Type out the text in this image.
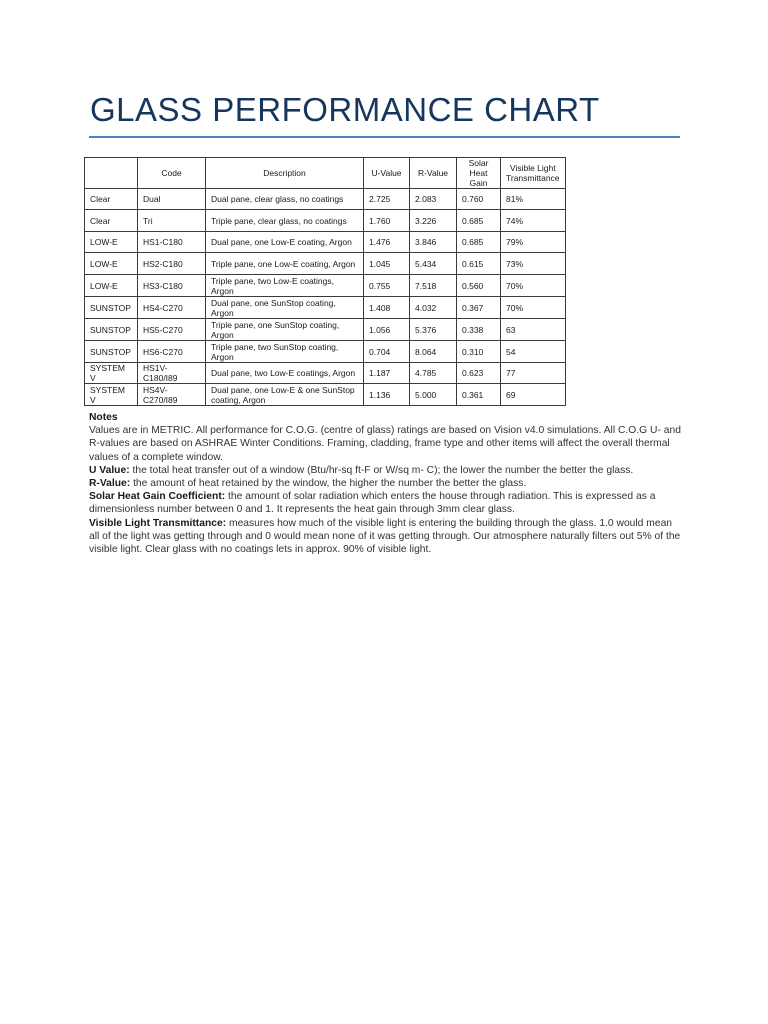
GLASS PERFORMANCE CHART
	Code	Description	U-Value	R-Value	Solar Heat Gain	Visible Light Transmittance
Clear	Dual	Dual pane, clear glass, no coatings	2.725	2.083	0.760	81%
Clear	Tri	Triple pane, clear glass, no coatings	1.760	3.226	0.685	74%
LOW-E	HS1-C180	Dual pane, one Low-E coating, Argon	1.476	3.846	0.685	79%
LOW-E	HS2-C180	Triple pane, one Low-E coating, Argon	1.045	5.434	0.615	73%
LOW-E	HS3-C180	Triple pane, two Low-E coatings, Argon	0.755	7.518	0.560	70%
SUNSTOP	HS4-C270	Dual pane, one SunStop coating, Argon	1.408	4.032	0.367	70%
SUNSTOP	HS5-C270	Triple pane, one SunStop coating, Argon	1.056	5.376	0.338	63
SUNSTOP	HS6-C270	Triple pane, two SunStop coating, Argon	0.704	8.064	0.310	54
SYSTEM V	HS1V-C180/I89	Dual pane, two Low-E coatings, Argon	1.187	4.785	0.623	77
SYSTEM V	HS4V-C270/I89	Dual pane, one Low-E & one SunStop coating, Argon	1.136	5.000	0.361	69

Notes

Values are in METRIC. All performance for C.O.G. (centre of glass) ratings are based on Vision v4.0 simulations. All C.O.G U- and R-values are based on ASHRAE Winter Conditions. Framing, cladding, frame type and other items will affect the overall thermal values of a complete window.

U Value: the total heat transfer out of a window (Btu/hr-sq ft-F or W/sq m- C); the lower the number the better the glass.

R-Value: the amount of heat retained by the window, the higher the number the better the glass.

Solar Heat Gain Coefficient: the amount of solar radiation which enters the house through radiation. This is expressed as a dimensionless number between 0 and 1. It represents the heat gain through 3mm clear glass.

Visible Light Transmittance: measures how much of the visible light is entering the building through the glass. 1.0 would mean all of the light was getting through and 0 would mean none of it was getting through. Our atmosphere naturally filters out 5% of the visible light. Clear glass with no coatings lets in approx. 90% of visible light.
